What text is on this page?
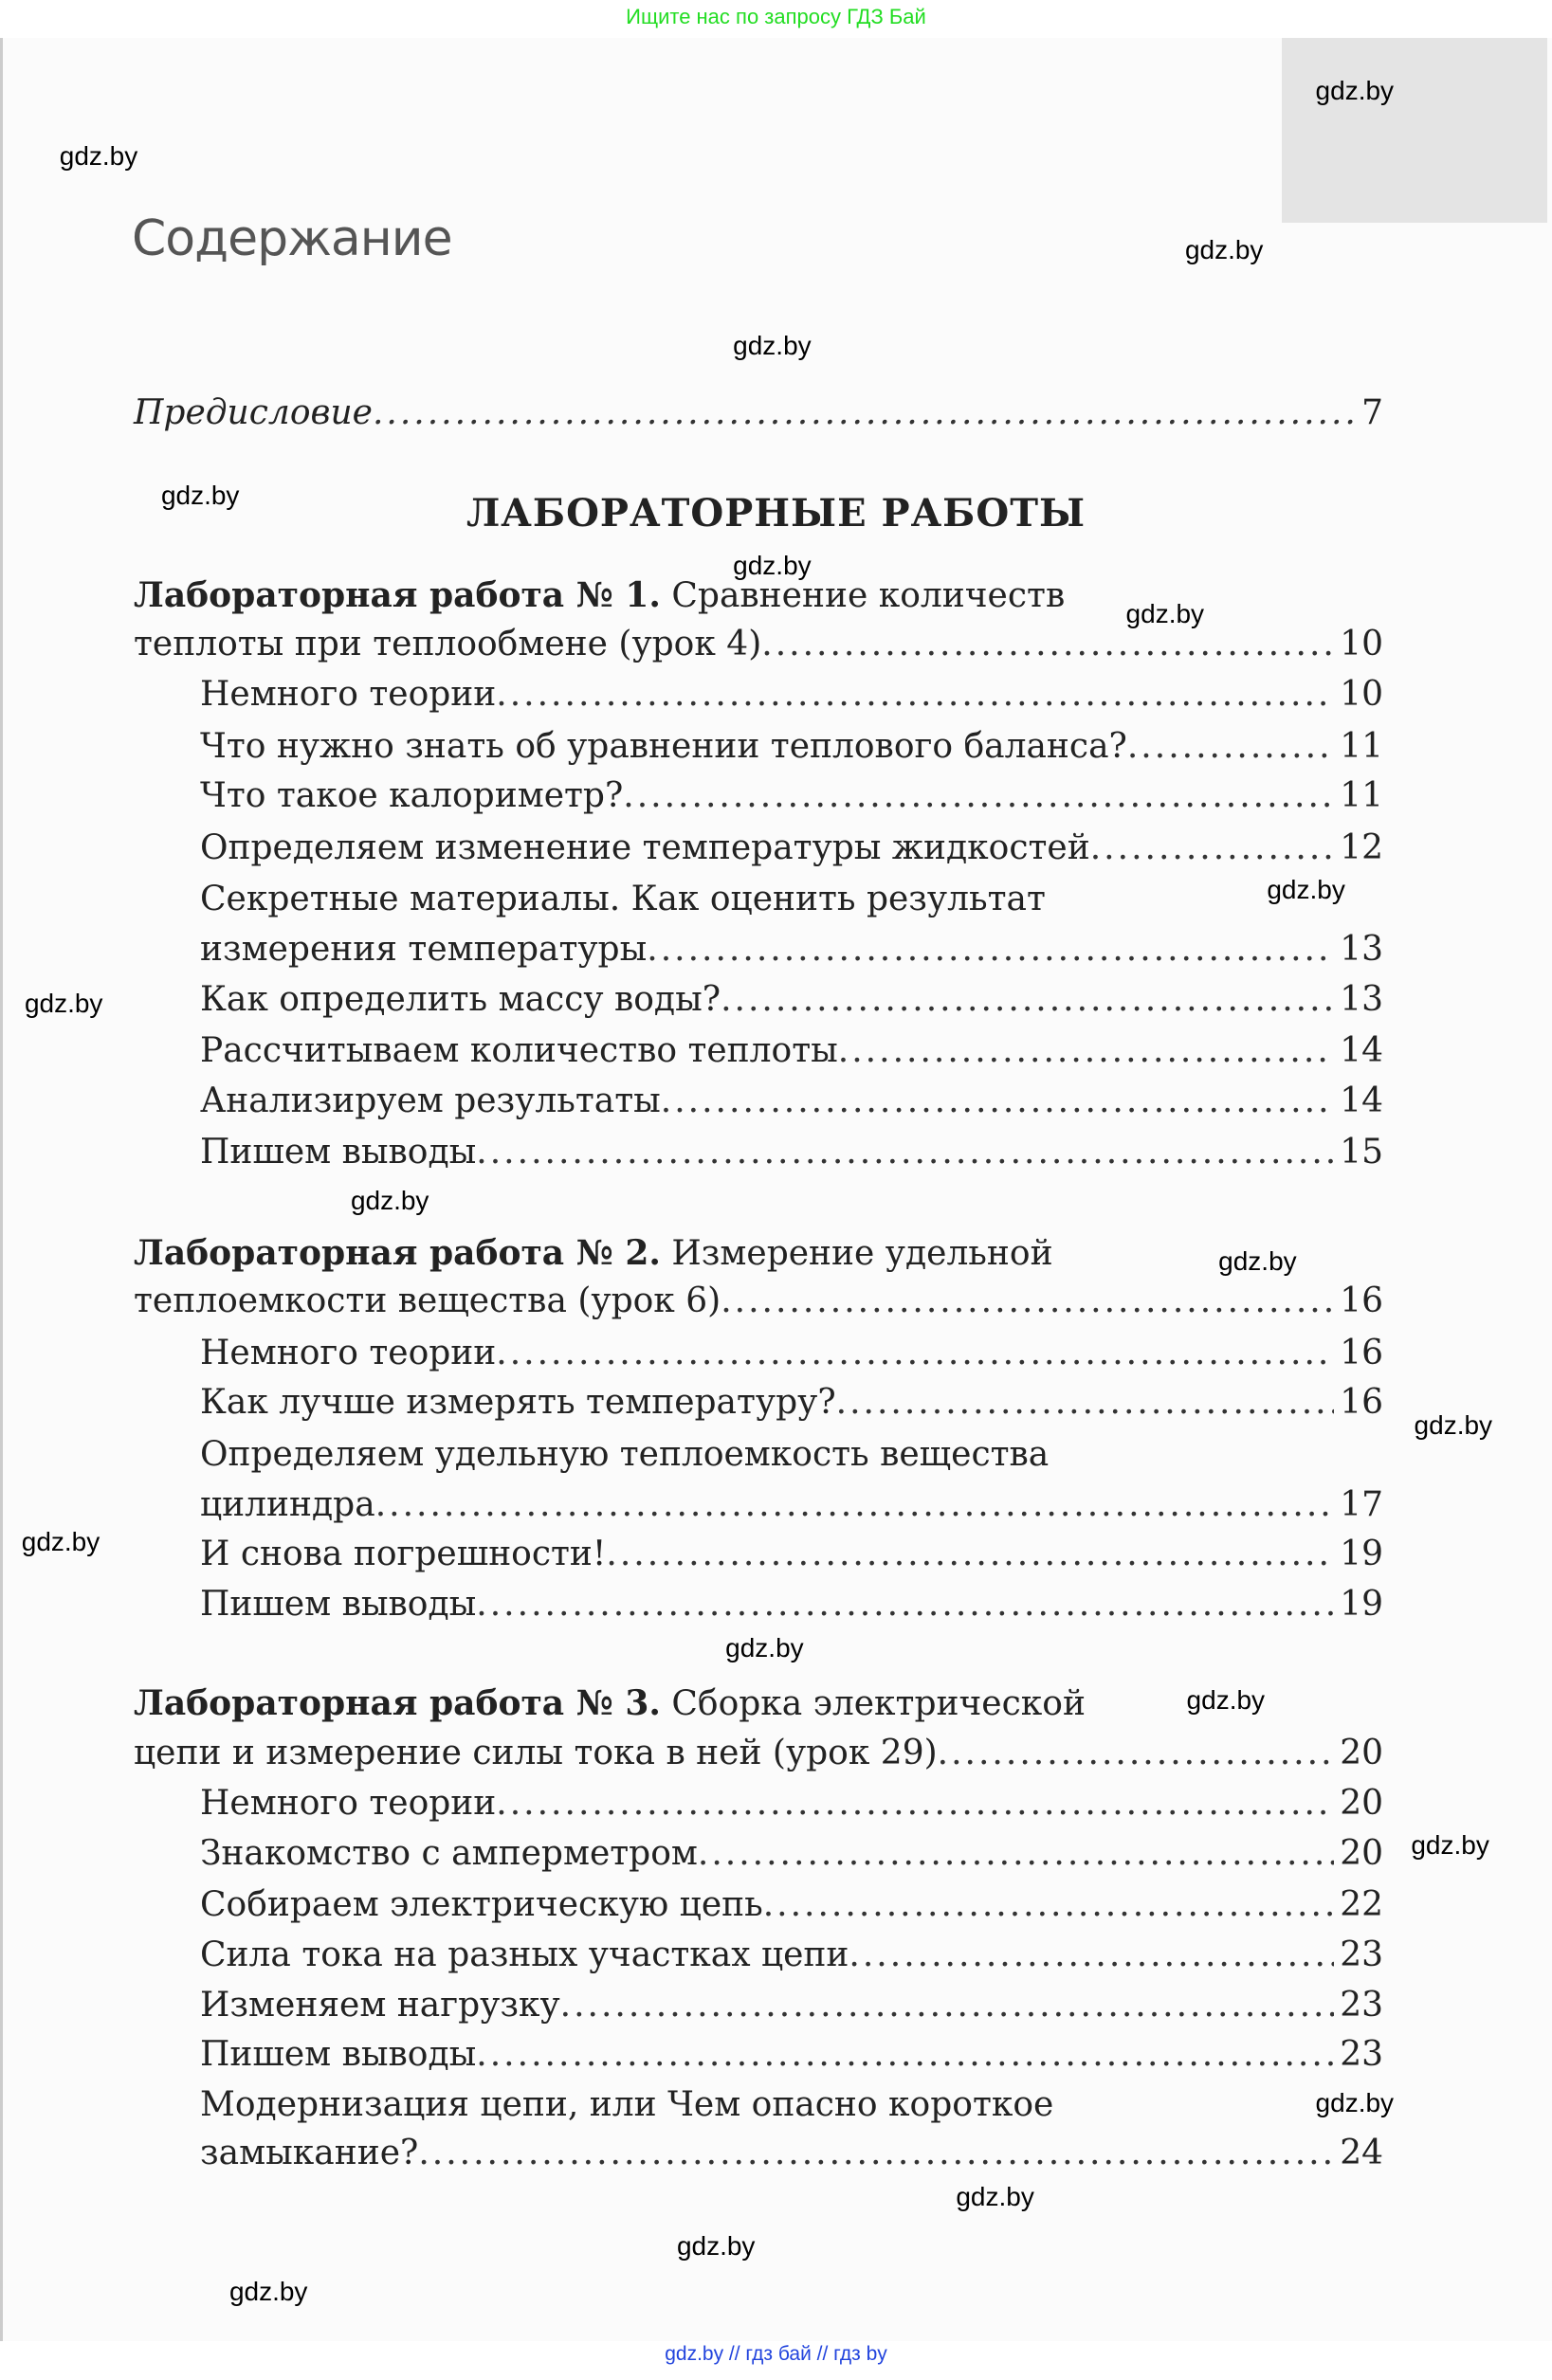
Ищите нас по запросу ГДЗ Бай
Содержание
Предисловие .....	7
ЛАБОРАТОРНЫЕ РАБОТЫ
Лабораторная работа № 1. Сравнение количеств
теплоты при теплообмене (урок 4) .....	10
Немного теории .....	10
Что нужно знать об уравнении теплового баланса? .....	11
Что такое калориметр? .....	11
Определяем изменение температуры жидкостей .....	12
Секретные материалы. Как оценить результат
измерения температуры .....	13
Как определить массу воды? .....	13
Рассчитываем количество теплоты .....	14
Анализируем результаты .....	14
Пишем выводы .....	15
Лабораторная работа № 2. Измерение удельной
теплоемкости вещества (урок 6) .....	16
Немного теории .....	16
Как лучше измерять температуру? .....	16
Определяем удельную теплоемкость вещества
цилиндра .....	17
И снова погрешности! .....	19
Пишем выводы .....	19
Лабораторная работа № 3. Сборка электрической
цепи и измерение силы тока в ней (урок 29) .....	20
Немного теории .....	20
Знакомство с амперметром .....	20
Собираем электрическую цепь .....	22
Сила тока на разных участках цепи .....	23
Изменяем нагрузку .....	23
Пишем выводы .....	23
Модернизация цепи, или Чем опасно короткое
замыкание? .....	24
gdz.by
gdz.by
gdz.by
gdz.by
gdz.by
gdz.by
gdz.by
gdz.by
gdz.by
gdz.by
gdz.by
gdz.by
gdz.by
gdz.by
gdz.by
gdz.by
gdz.by
gdz.by
gdz.by
gdz.by
gdz.by // гдз бай // гдз by
